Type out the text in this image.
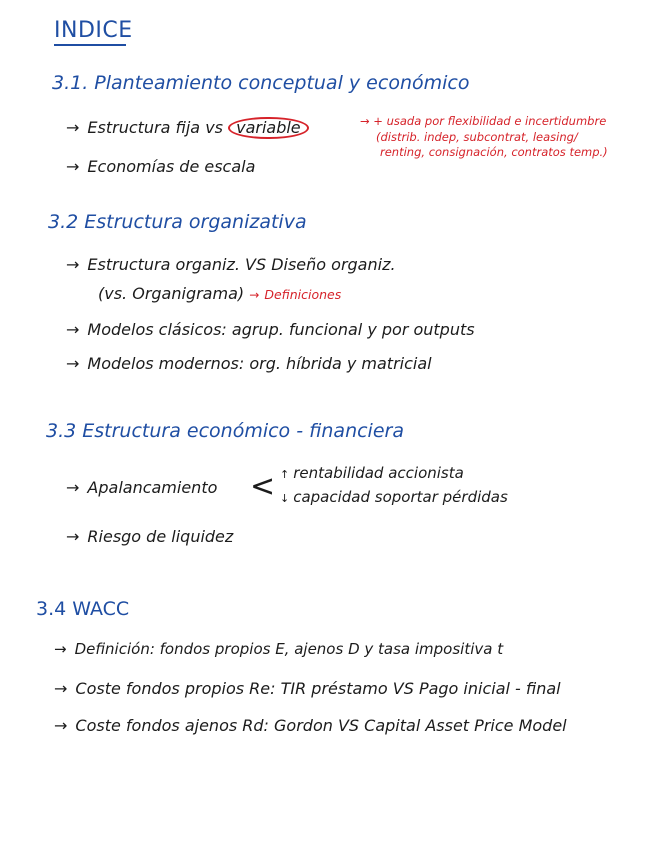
INDICE
3.1. Planteamiento conceptual y económico
→ Estructura fija vs variable	→ + usada por flexibilidad e incertidumbre
(distrib. indep, subcontrat, leasing/
renting, consignación, contratos temp.)
→ Economías de escala
3.2 Estructura organizativa
→ Estructura organiz. VS Diseño organiz.
(vs. Organigrama) → Definiciones
→ Modelos clásicos: agrup. funcional y por outputs
→ Modelos modernos: org. híbrida y matricial
3.3 Estructura económico - financiera
→ Apalancamiento < ↑ rentabilidad accionista
↓ capacidad soportar pérdidas
→ Riesgo de liquidez
3.4 WACC
→ Definición: fondos propios E, ajenos D y tasa impositiva t
→ Coste fondos propios Re: TIR préstamo VS Pago inicial - final
→ Coste fondos ajenos Rd: Gordon VS Capital Asset Price Model
